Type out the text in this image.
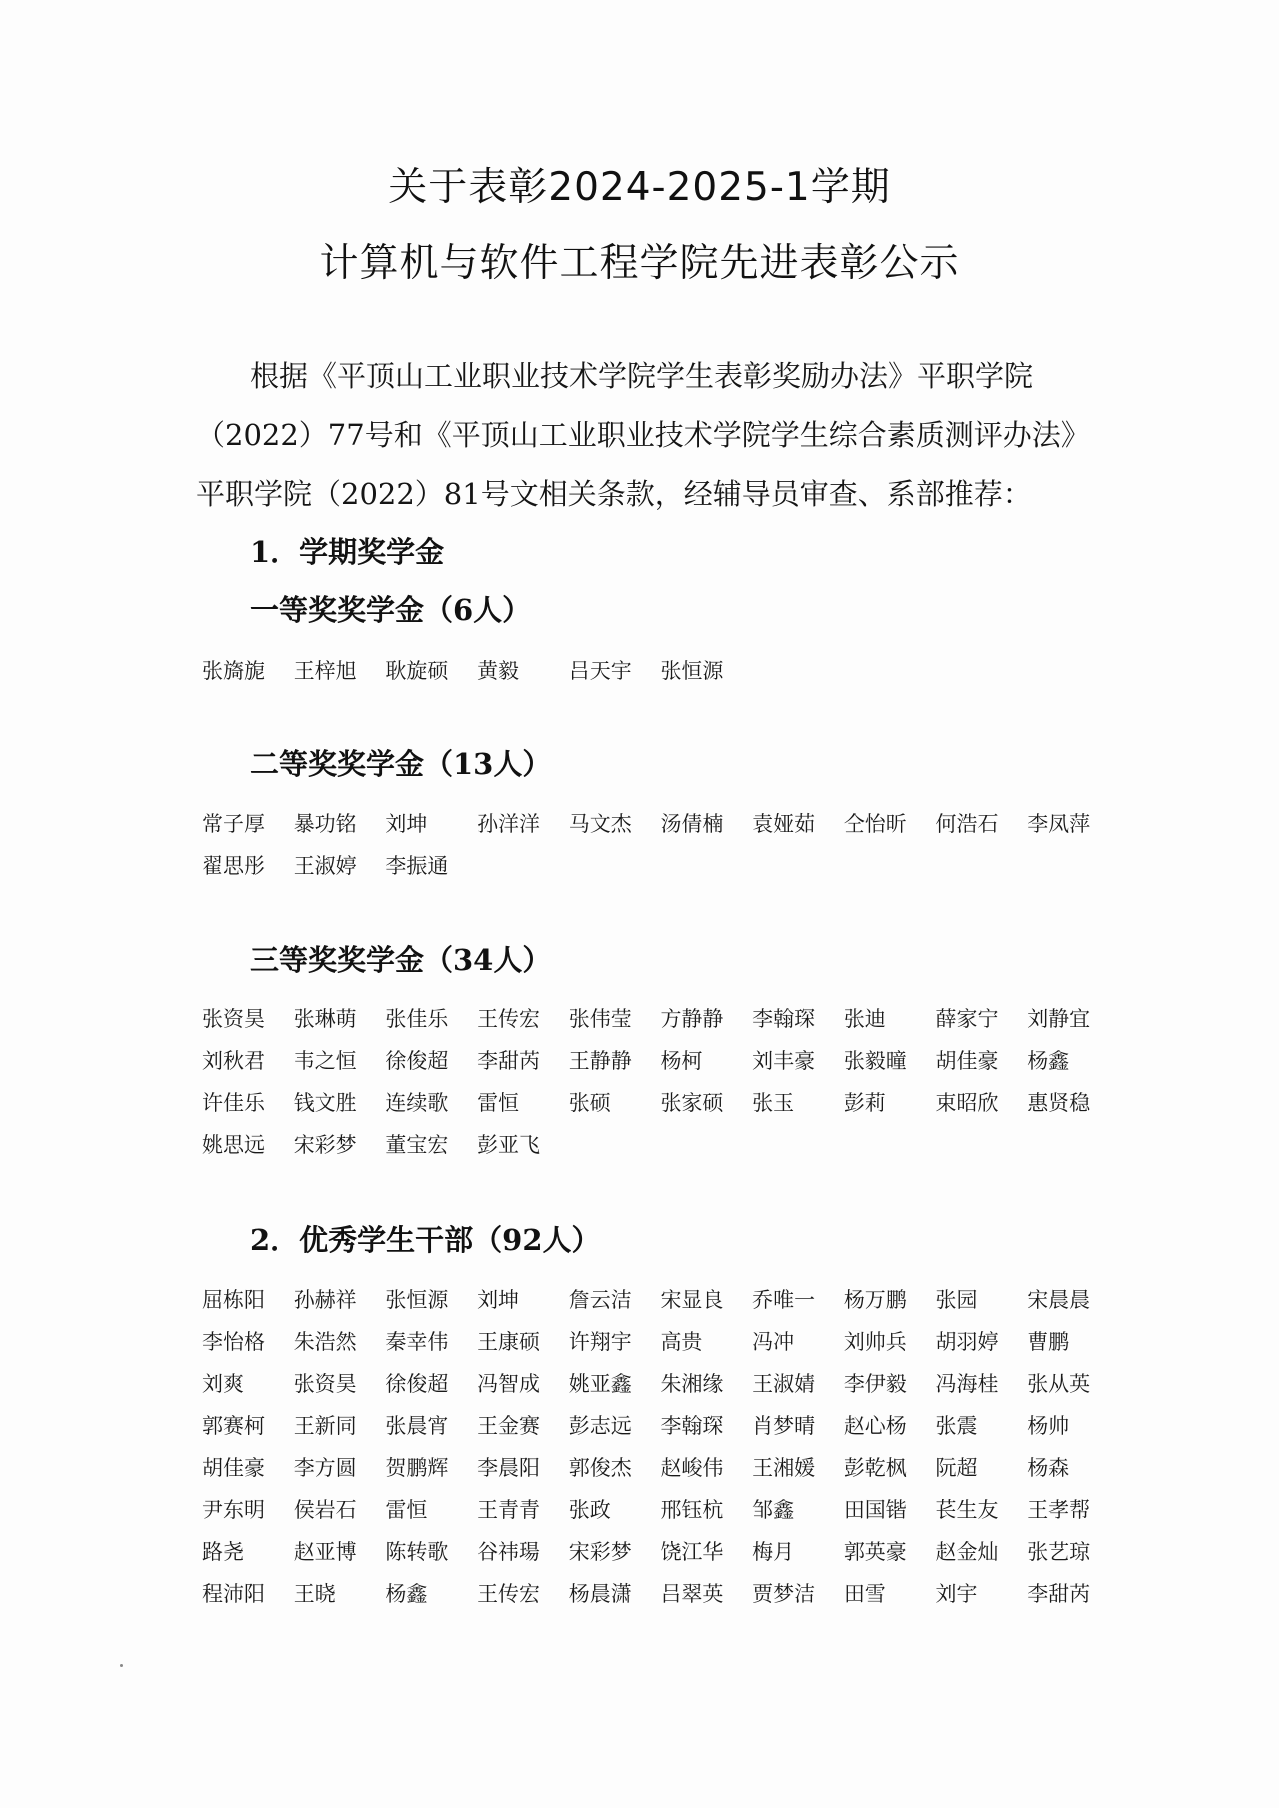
关于表彰2024-2025-1学期
计算机与软件工程学院先进表彰公示
根据《平顶山工业职业技术学院学生表彰奖励办法》平职学院
（2022）77号和《平顶山工业职业技术学院学生综合素质测评办法》
平职学院（2022）81号文相关条款，经辅导员审查、系部推荐：
1．学期奖学金
一等奖奖学金（6人）
张旖旎	王梓旭	耿旋硕	黄毅	吕天宇	张恒源
二等奖奖学金（13人）
常子厚	暴功铭	刘坤	孙洋洋	马文杰	汤倩楠	袁娅茹	仝怡昕	何浩石	李凤萍
翟思彤	王淑婷	李振通
三等奖奖学金（34人）
张资昊	张琳萌	张佳乐	王传宏	张伟莹	方静静	李翰琛	张迪	薛家宁	刘静宜
刘秋君	韦之恒	徐俊超	李甜芮	王静静	杨柯	刘丰豪	张毅曈	胡佳豪	杨鑫
许佳乐	钱文胜	连续歌	雷恒	张硕	张家硕	张玉	彭莉	束昭欣	惠贤稳
姚思远	宋彩梦	董宝宏	彭亚飞
2．优秀学生干部（92人）
屈栋阳	孙赫祥	张恒源	刘坤	詹云洁	宋显良	乔唯一	杨万鹏	张园	宋晨晨
李怡格	朱浩然	秦幸伟	王康硕	许翔宇	高贵	冯冲	刘帅兵	胡羽婷	曹鹏
刘爽	张资昊	徐俊超	冯智成	姚亚鑫	朱湘缘	王淑婧	李伊毅	冯海桂	张从英
郭赛柯	王新同	张晨宵	王金赛	彭志远	李翰琛	肖梦晴	赵心杨	张震	杨帅
胡佳豪	李方圆	贺鹏辉	李晨阳	郭俊杰	赵峻伟	王湘媛	彭乾枫	阮超	杨森
尹东明	侯岩石	雷恒	王青青	张政	邢钰杭	邹鑫	田国锴	苌生友	王孝帮
路尧	赵亚博	陈转歌	谷祎瑒	宋彩梦	饶江华	梅月	郭英豪	赵金灿	张艺琼
程沛阳	王晓	杨鑫	王传宏	杨晨潇	吕翠英	贾梦洁	田雪	刘宇	李甜芮
